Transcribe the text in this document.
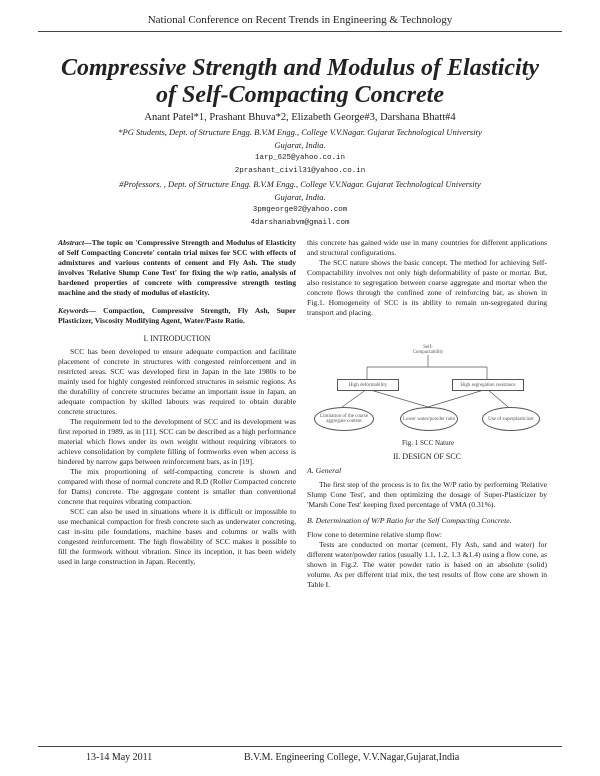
National Conference on Recent Trends in Engineering & Technology
Compressive Strength and Modulus of Elasticity
of Self-Compacting Concrete
Anant Patel*1, Prashant Bhuva*2, Elizabeth George#3, Darshana Bhatt#4
*PG Students, Dept. of Structure Engg. B.V.M Engg., College V.V.Nagar. Gujarat Technological University
Gujarat, India.
1arp_625@yahoo.co.in
2prashant_civil31@yahoo.co.in
#Professors. , Dept. of Structure Engg. B.V.M Engg., College V.V.Nagar. Gujarat Technological University
Gujarat, India.
3pmgeorge02@yahoo.com
4darshanabvm@gmail.com

Abstract—The topic on 'Compressive Strength and Modulus of Elasticity of Self Compacting Concrete' contain trial mixes for SCC with effects of admixtures and various contents of cement and Fly Ash. The study involves 'Relative Slump Cone Test' for fixing the w/p ratio, analysis of hardened properties of concrete with compressive strength testing machine and the study of modulus of elasticity.

Keywords— Compaction, Compressive Strength, Fly Ash, Super Plasticizer, Viscosity Modifying Agent, Water/Paste Ratio.

I. INTRODUCTION

SCC has been developed to ensure adequate compaction and facilitate placement of concrete in structures with congested reinforcement and in restricted areas. SCC was developed first in Japan in the late 1980s to be mainly used for highly congested reinforced structures in seismic regions. As the durability of concrete structures became an important issue in Japan, an adequate compaction by skilled labours was required to obtain durable concrete structures.

The requirement led to the development of SCC and its development was first reported in 1989, as in [11]. SCC can be described as a high performance material which flows under its own weight without requiring vibrators to achieve consolidation by complete filling of formworks even when access is hindered by narrow gaps between reinforcement bars, as in [19].

The mix proportioning of self-compacting concrete is shown and compared with those of normal concrete and R.D (Roller Compacted concrete for Dams) concrete. The aggregate content is smaller than conventional concrete that requires vibrating compaction.

SCC can also be used in situations where it is difficult or impossible to use mechanical compaction for fresh concrete such as underwater concreting, cast in-situ pile foundations, machine bases and columns or walls with congested reinforcement. The high flowability of SCC makes it possible to fill the formwork without vibration. Since its inception, it has been widely used in large construction in Japan. Recently,

this concrete has gained wide use in many countries for different applications and structural configurations.

The SCC nature shows the basic concept. The method for achieving Self-Compactability involves not only high deformability of paste or mortar. But, also resistance to segregation between coarse aggregate and mortar when the concrete flows through the confined zone of reinforcing bar, as shown in Fig.1. Homogeneity of SCC is its ability to remain un-segregated during transport and placing.

Self-Compactability
High deformability	High segregation resistance
Limitation of the coarse aggregate content	Lower water/powder ratio	Use of superplasticizer
Fig. 1 SCC Nature
II. DESIGN OF SCC
A. General

The first step of the process is to fix the W/P ratio by performing 'Relative Slump Cone Test', and then optimizing the dosage of Super-Plasticizer by 'Marsh Cone Test' keeping fixed percentage of VMA (0.31%).

B. Determination of W/P Ratio for the Self Compacting Concrete.

Flow cone to determine relative slump flow:

Tests are conducted on mortar (cement, Fly Ash, sand and water) for different water/powder ratios (usually 1.1, 1.2, 1.3 &1.4) using a flow cone, as shown in Fig.2. The water powder ratio is based on an absolute (solid) volume. As per different trial mix, the test results of flow cone are shown in Table I.

13-14 May 2011	B.V.M. Engineering College, V.V.Nagar,Gujarat,India
